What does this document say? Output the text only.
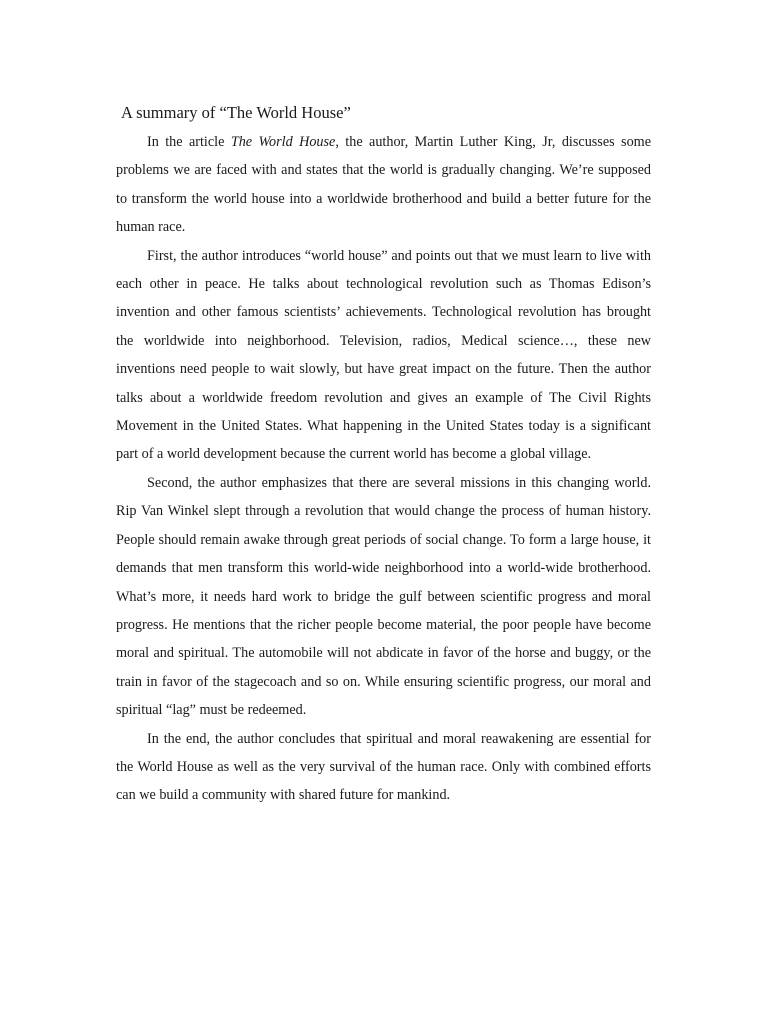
A summary of “The World House”

In the article The World House, the author, Martin Luther King, Jr, discusses some problems we are faced with and states that the world is gradually changing. We’re supposed to transform the world house into a worldwide brotherhood and build a better future for the human race.

First, the author introduces “world house” and points out that we must learn to live with each other in peace. He talks about technological revolution such as Thomas Edison’s invention and other famous scientists’ achievements. Technological revolution has brought the worldwide into neighborhood. Television, radios, Medical science…, these new inventions need people to wait slowly, but have great impact on the future. Then the author talks about a worldwide freedom revolution and gives an example of The Civil Rights Movement in the United States. What happening in the United States today is a significant part of a world development because the current world has become a global village.

Second, the author emphasizes that there are several missions in this changing world. Rip Van Winkel slept through a revolution that would change the process of human history. People should remain awake through great periods of social change. To form a large house, it demands that men transform this world-wide neighborhood into a world-wide brotherhood. What’s more, it needs hard work to bridge the gulf between scientific progress and moral progress. He mentions that the richer people become material, the poor people have become moral and spiritual. The automobile will not abdicate in favor of the horse and buggy, or the train in favor of the stagecoach and so on. While ensuring scientific progress, our moral and spiritual “lag” must be redeemed.

In the end, the author concludes that spiritual and moral reawakening are essential for the World House as well as the very survival of the human race. Only with combined efforts can we build a community with shared future for mankind.
